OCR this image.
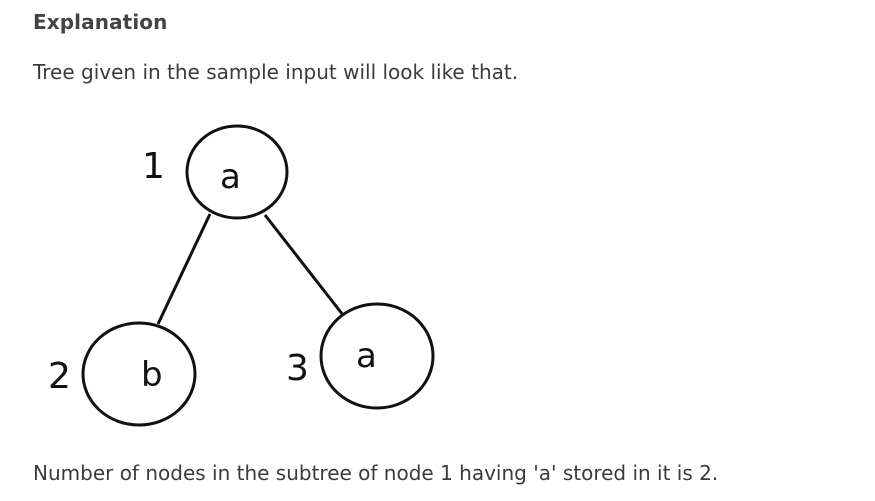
Explanation
Tree given in the sample input will look like that.
1 a
2 b	3 a
Number of nodes in the subtree of node 1 having 'a' stored in it is 2.
